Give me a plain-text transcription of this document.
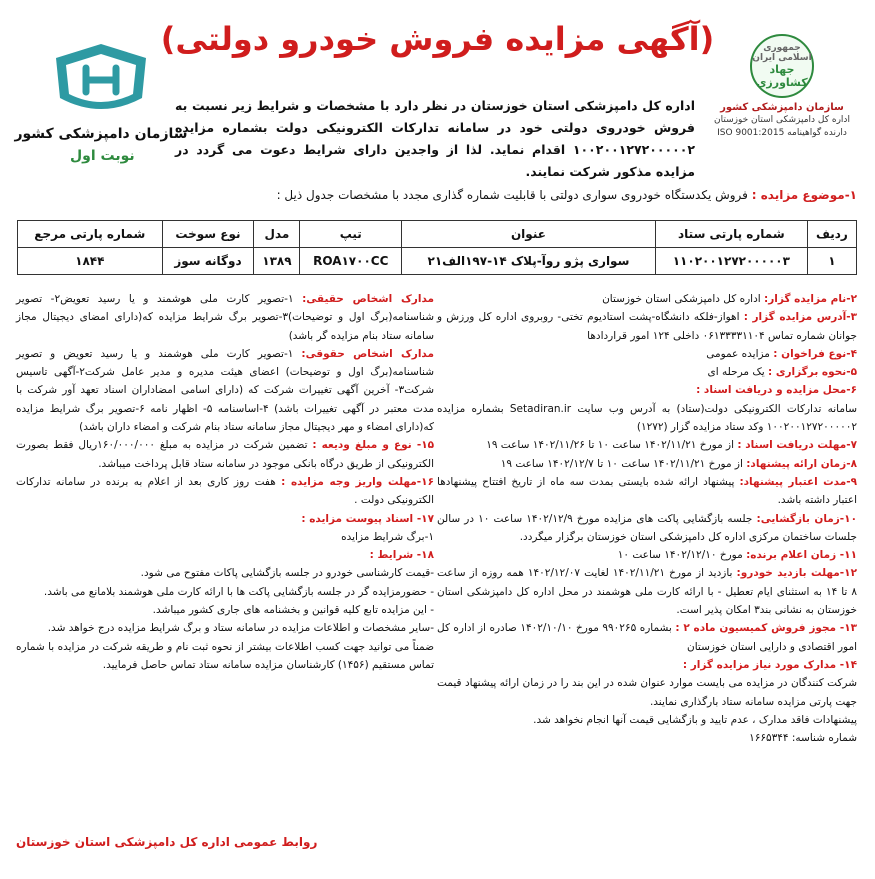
(آگهی مزایده فروش خودرو دولتی)	جمهوری اسلامی ایران
جهاد
کشاورزی
سازمان دامپزشکی کشور
اداره کل دامپزشکی استان خوزستان
ISO 9001:2015 دارنده گواهینامه
سازمان دامپزشکی کشور
نوبت اول
اداره کل دامپزشکی استان خوزستان در نظر دارد با مشخصات و شرایط زیر نسبت به فروش خودروی دولتی خود در سامانه تدارکات الکترونیکی دولت بشماره مزایده ۱۰۰۲۰۰۱۲۷۲۰۰۰۰۰۲ اقدام نماید. لذا از واجدین دارای شرایط دعوت می گردد در مزایده مذکور شرکت نمایند.
۱-موضوع مزایده : فروش یکدستگاه خودروی سواری دولتی با قابلیت شماره گذاری مجدد با مشخصات جدول ذیل :
ردیف	شماره پارتی ستاد	عنوان	تیپ	مدل	نوع سوخت	شماره پارتی مرجع
۱	۱۱۰۲۰۰۱۲۷۲۰۰۰۰۰۳	سواری پژو روآ-پلاک ۱۴-۱۹۷الف۲۱	ROA۱۷۰۰CC	۱۳۸۹	دوگانه سوز	۱۸۴۴

۲-نام مزایده گزار: اداره کل دامپزشکی استان خوزستان

۳-آدرس مزایده گزار : اهواز-فلکه دانشگاه-پشت استادیوم تختی- روبروی اداره کل ورزش و جوانان شماره تماس ۰۶۱۳۳۳۳۱۱۰۴ داخلی ۱۲۴ امور قراردادها

۴-نوع فراخوان : مزایده عمومی

۵-نحوه برگزاری : یک مرحله ای

۶-محل مزایده و دریافت اسناد :

سامانه تدارکات الکترونیکی دولت(ستاد) به آدرس وب سایت Setadiran.ir بشماره مزایده ۱۰۰۲۰۰۱۲۷۲۰۰۰۰۰۲ وکد ستاد مزایده گزار (۱۲۷۲)

۷-مهلت دریافت اسناد : از مورخ ۱۴۰۲/۱۱/۲۱ ساعت ۱۰ تا ۱۴۰۲/۱۱/۲۶ ساعت ۱۹

۸-زمان ارائه پیشنهاد: از مورخ ۱۴۰۲/۱۱/۲۱ ساعت ۱۰ تا ۱۴۰۲/۱۲/۷ ساعت ۱۹

۹-مدت اعتبار پیشنهاد: پیشنهاد ارائه شده بایستی بمدت سه ماه از تاریخ افتتاح پیشنهادها اعتبار داشته باشد.

۱۰-زمان بازگشایی: جلسه بازگشایی پاکت های مزایده مورخ ۱۴۰۲/۱۲/۹ ساعت ۱۰ در سالن جلسات ساختمان مرکزی اداره کل دامپزشکی استان خوزستان برگزار میگردد.

۱۱- زمان اعلام برنده: مورخ ۱۴۰۲/۱۲/۱۰ ساعت ۱۰

۱۲-مهلت بازدید خودرو: بازدید از مورخ ۱۴۰۲/۱۱/۲۱ لغایت ۱۴۰۲/۱۲/۰۷ همه روزه از ساعت ۸ تا ۱۴ به استثنای ایام تعطیل - با ارائه کارت ملی هوشمند در محل اداره کل دامپزشکی استان خوزستان به نشانی بند۳ امکان پذیر است.

۱۳- مجوز فروش کمیسیون ماده ۲ : بشماره ۹۹۰۲۶۵ مورخ ۱۴۰۲/۱۰/۱۰ صادره از اداره کل امور اقتصادی و دارایی استان خوزستان

۱۴- مدارک مورد نیاز مزایده گزار :

شرکت کنندگان در مزایده می بایست موارد عنوان شده در این بند را در زمان ارائه پیشنهاد قیمت جهت پارتی مزایده سامانه ستاد بارگذاری نمایند.

پیشنهادات فاقد مدارک ، عدم تایید و بازگشایی قیمت آنها انجام نخواهد شد.

شماره شناسه: ۱۶۶۵۳۴۴

مدارک اشخاص حقیقی: ۱-تصویر کارت ملی هوشمند و یا رسید تعویض۲- تصویر شناسنامه(برگ اول و توضیحات)۳-تصویر برگ شرایط مزایده که(دارای امضای دیجیتال مجاز سامانه ستاد بنام مزایده گر باشد)

مدارک اشخاص حقوقی: ۱-تصویر کارت ملی هوشمند و یا رسید تعویض و تصویر شناسنامه(برگ اول و توضیحات) اعضای هیئت مدیره و مدیر عامل شرکت۲-آگهی تاسیس شرکت۳- آخرین آگهی تغییرات شرکت که (دارای اسامی امضاداران اسناد تعهد آور شرکت با مدت معتبر در آگهی تغییرات باشد) ۴-اساسنامه ۵- اظهار نامه ۶-تصویر برگ شرایط مزایده که(دارای امضاء و مهر دیجیتال مجاز سامانه ستاد بنام شرکت و امضاء داران باشد)

۱۵- نوع و مبلغ ودیعه : تضمین شرکت در مزایده به مبلغ ۱۶۰/۰۰۰/۰۰۰ریال فقط بصورت الکترونیکی از طریق درگاه بانکی موجود در سامانه ستاد قابل پرداخت میباشد.

۱۶-مهلت واریز وجه مزایده : هفت روز کاری بعد از اعلام به برنده در سامانه تدارکات الکترونیکی دولت .

۱۷- اسناد پیوست مزایده :

۱-برگ شرایط مزایده

۱۸- شرایط :

-قیمت کارشناسی خودرو در جلسه بازگشایی پاکات مفتوح می شود.

- حضورمزایده گر در جلسه بازگشایی پاکت ها با ارائه کارت ملی هوشمند بلامانع می باشد.

- این مزایده تابع کلیه قوانین و بخشنامه های جاری کشور میباشد.

-سایر مشخصات و اطلاعات مزایده در سامانه ستاد و برگ شرایط مزایده درج خواهد شد.

ضمناً می توانید جهت کسب اطلاعات بیشتر از نحوه ثبت نام و طریقه شرکت در مزایده با شماره تماس مستقیم (۱۴۵۶) کارشناسان مزایده سامانه ستاد تماس حاصل فرمایید.

روابط عمومی اداره کل دامپزشکی استان خوزستان
